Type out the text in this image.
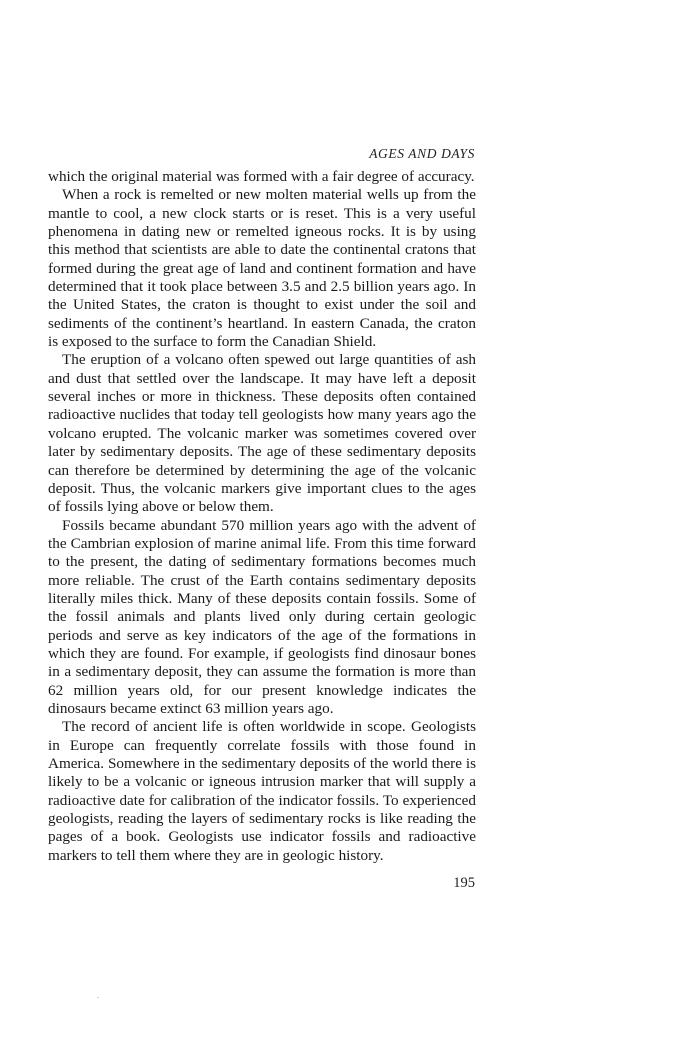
AGES AND DAYS

which the original material was formed with a fair degree of accuracy.

When a rock is remelted or new molten material wells up from the mantle to cool, a new clock starts or is reset. This is a very useful phenomena in dating new or remelted igneous rocks. It is by using this method that scientists are able to date the continental cratons that formed during the great age of land and continent formation and have determined that it took place between 3.5 and 2.5 billion years ago. In the United States, the craton is thought to exist under the soil and sediments of the continent’s heartland. In eastern Canada, the craton is exposed to the surface to form the Canadian Shield.

The eruption of a volcano often spewed out large quantities of ash and dust that settled over the landscape. It may have left a deposit several inches or more in thickness. These deposits often contained radioactive nuclides that today tell geologists how many years ago the volcano erupted. The volcanic marker was sometimes covered over later by sedimentary deposits. The age of these sedimentary deposits can therefore be determined by determining the age of the volcanic deposit. Thus, the volcanic markers give important clues to the ages of fossils lying above or below them.

Fossils became abundant 570 million years ago with the advent of the Cambrian explosion of marine animal life. From this time forward to the present, the dating of sedimentary formations becomes much more reliable. The crust of the Earth contains sedimentary deposits literally miles thick. Many of these deposits contain fossils. Some of the fossil animals and plants lived only during certain geologic periods and serve as key indicators of the age of the formations in which they are found. For example, if geologists find dinosaur bones in a sedimentary deposit, they can assume the formation is more than 62 million years old, for our present knowledge indicates the dinosaurs became extinct 63 million years ago.

The record of ancient life is often worldwide in scope. Geologists in Europe can frequently correlate fossils with those found in America. Somewhere in the sedimentary deposits of the world there is likely to be a volcanic or igneous intrusion marker that will supply a radioactive date for calibration of the indicator fossils. To experienced geologists, reading the layers of sedimentary rocks is like reading the pages of a book. Geologists use indicator fossils and radioactive markers to tell them where they are in geologic history.

195
